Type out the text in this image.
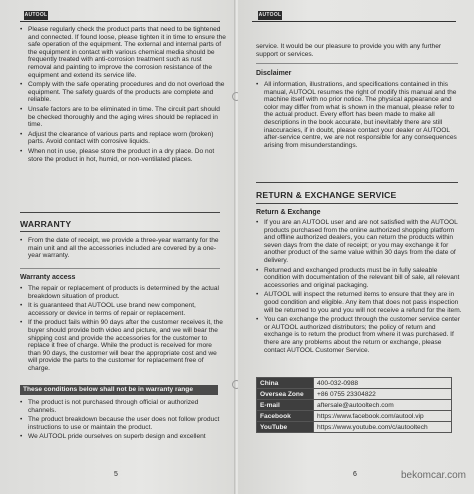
AUTOOL
• Please regularly check the product parts that need to be tightened and connected. If found loose, please tighten it in time to ensure the safe operation of the equipment. The external and internal parts of the equipment in contact with various chemical media should be frequently treated with anti-corrosion treatment such as rust removal and painting to improve the corrosion resistance of the equipment and extend its service life.
• Comply with the safe operating procedures and do not overload the equipment. The safety guards of the products are complete and reliable.
• Unsafe factors are to be eliminated in time. The circuit part should be checked thoroughly and the aging wires should be replaced in time.
• Adjust the clearance of various parts and replace worn (broken) parts. Avoid contact with corrosive liquids.
• When not in use, please store the product in a dry place. Do not store the product in hot, humid, or non-ventilated places.
WARRANTY
• From the date of receipt, we provide a three-year warranty for the main unit and all the accessories included are covered by a one-year warranty.
Warranty access
• The repair or replacement of products is determined by the actual breakdown situation of product.
• It is guaranteed that AUTOOL use brand new component, accessory or device in terms of repair or replacement.
• If the product fails within 90 days after the customer receives it, the buyer should provide both video and picture, and we will bear the shipping cost and provide the accessories for the customer to replace it free of charge. While the product is received for more than 90 days, the customer will bear the appropriate cost and we will provide the parts to the customer for replacement free of charge.
These conditions below shall not be in warranty range
• The product is not purchased through official or authorized channels.
• The product breakdown because the user does not follow product instructions to use or maintain the product.
• We AUTOOL pride ourselves on superb design and excellent
5
AUTOOL
service. It would be our pleasure to provide you with any further support or services.
Disclaimer
• All information, illustrations, and specifications contained in this manual, AUTOOL resumes the right of modify this manual and the machine itself with no prior notice. The physical appearance and color may differ from what is shown in the manual, please refer to the actual product. Every effort has been made to make all descriptions in the book accurate, but inevitably there are still inaccuracies, if in doubt, please contact your dealer or AUTOOL after-service centre, we are not responsible for any consequences arising from misunderstandings.
RETURN & EXCHANGE SERVICE
Return & Exchange
• If you are an AUTOOL user and are not satisfied with the AUTOOL products purchased from the online authorized shopping platform and offline authorized dealers, you can return the products within seven days from the date of receipt; or you may exchange it for another product of the same value within 30 days from the date of delivery.
• Returned and exchanged products must be in fully saleable condition with documentation of the relevant bill of sale, all relevant accessories and original packaging.
• AUTOOL will inspect the returned items to ensure that they are in good condition and eligible. Any item that does not pass inspection will be returned to you and you will not receive a refund for the item.
• You can exchange the product through the customer service center or AUTOOL authorized distributors; the policy of return and exchange is to return the product from where it was purchased. If there are any problems about the return or exchange, please contact AUTOOL Customer Service.
China	400-032-0988
Oversea Zone	+86 0755 23304822
E-mail	aftersale@autooltech.com
Facebook	https://www.facebook.com/autool.vip
YouTube	https://www.youtube.com/c/autooltech
6	bekomcar.com
